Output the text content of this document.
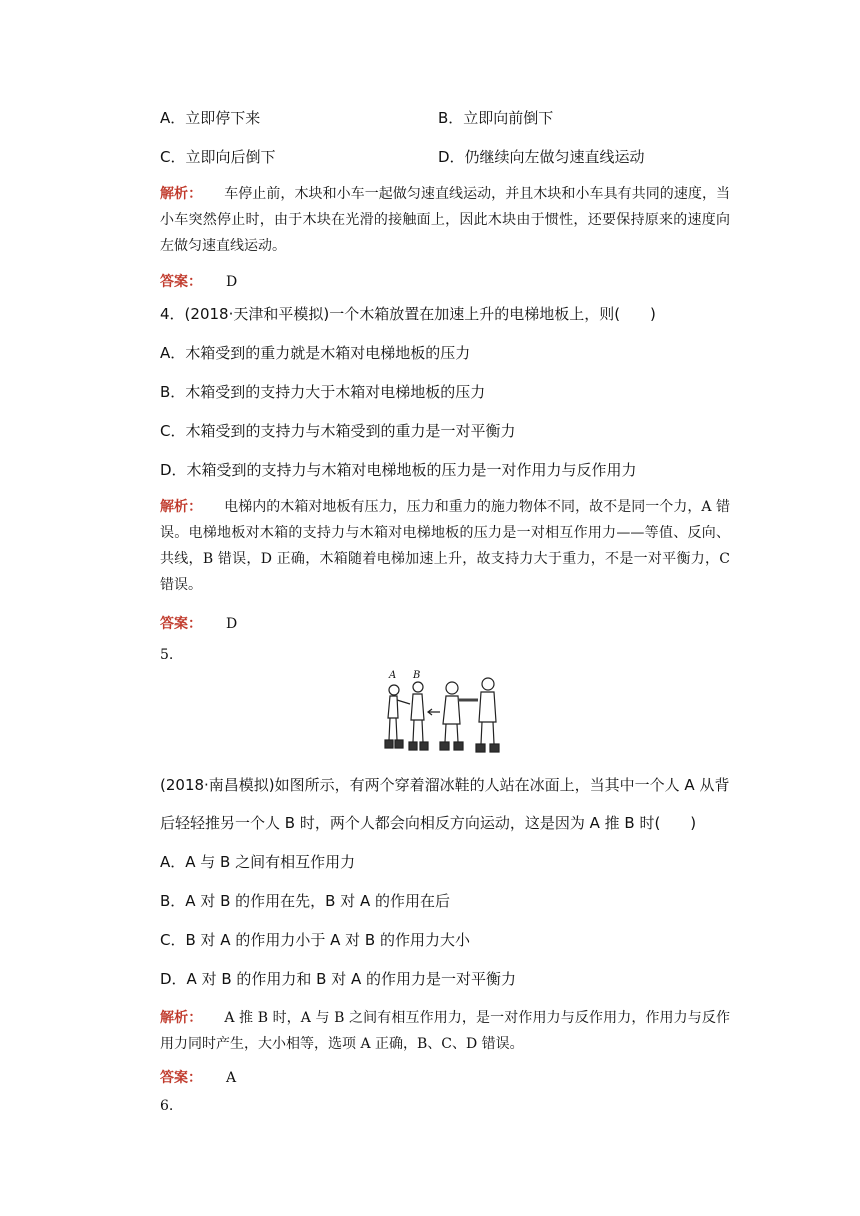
A．立即停下来	B．立即向前倒下
C．立即向后倒下	D．仍继续向左做匀速直线运动
解析： 车停止前，木块和小车一起做匀速直线运动，并且木块和小车具有共同的速度，当小车突然停止时，由于木块在光滑的接触面上，因此木块由于惯性，还要保持原来的速度向左做匀速直线运动。
答案： D
4．(2018·天津和平模拟)一个木箱放置在加速上升的电梯地板上，则(　　)
A．木箱受到的重力就是木箱对电梯地板的压力
B．木箱受到的支持力大于木箱对电梯地板的压力
C．木箱受到的支持力与木箱受到的重力是一对平衡力
D．木箱受到的支持力与木箱对电梯地板的压力是一对作用力与反作用力
解析： 电梯内的木箱对地板有压力，压力和重力的施力物体不同，故不是同一个力，A 错误。电梯地板对木箱的支持力与木箱对电梯地板的压力是一对相互作用力——等值、反向、共线，B 错误，D 正确，木箱随着电梯加速上升，故支持力大于重力，不是一对平衡力，C 错误。
答案： D
5.
A B
(2018·南昌模拟)如图所示，有两个穿着溜冰鞋的人站在冰面上，当其中一个人 A 从背
后轻轻推另一个人 B 时，两个人都会向相反方向运动，这是因为 A 推 B 时(　　)
A．A 与 B 之间有相互作用力
B．A 对 B 的作用在先，B 对 A 的作用在后
C．B 对 A 的作用力小于 A 对 B 的作用力大小
D．A 对 B 的作用力和 B 对 A 的作用力是一对平衡力
解析： A 推 B 时，A 与 B 之间有相互作用力，是一对作用力与反作用力，作用力与反作用力同时产生，大小相等，选项 A 正确，B、C、D 错误。
答案： A
6.
